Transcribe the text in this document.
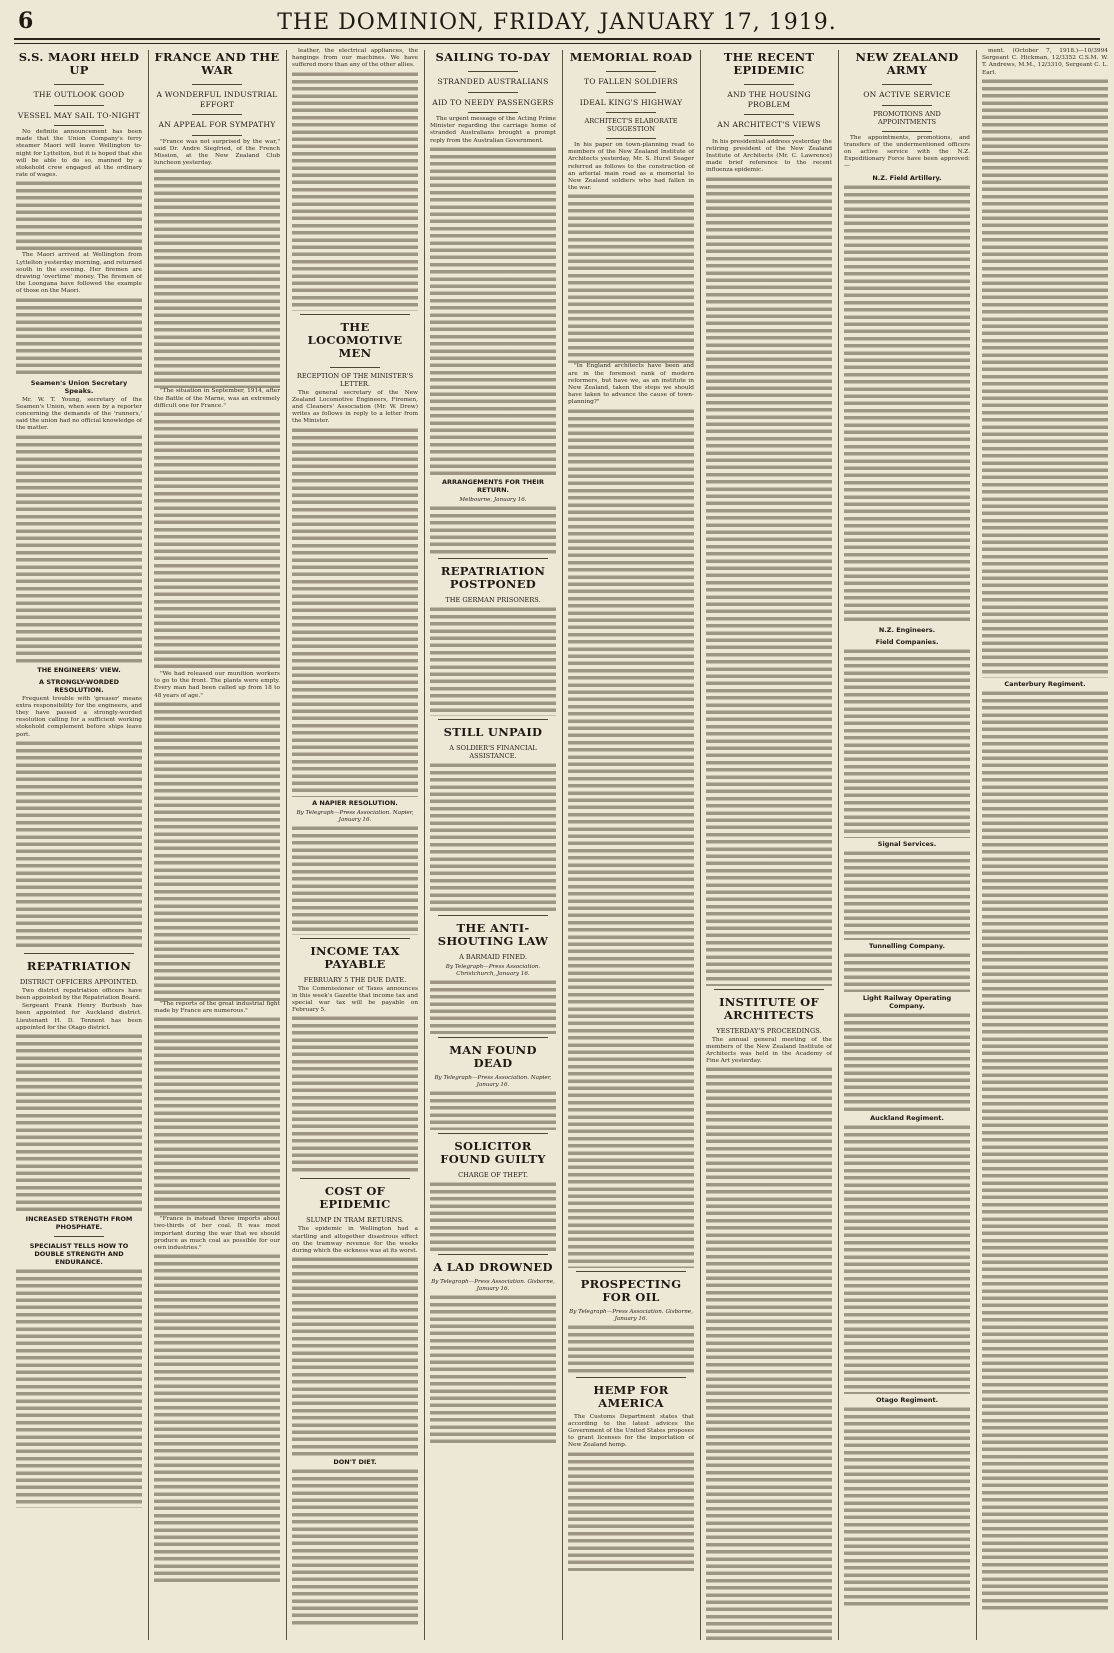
6	THE DOMINION, FRIDAY, JANUARY 17, 1919.
S.S. MAORI HELD UP
THE OUTLOOK GOOD
VESSEL MAY SAIL TO-NIGHT

No definite announcement has been made that the Union Company's ferry steamer Maori will leave Wellington to-night for Lyttelton, but it is hoped that she will be able to do so, manned by a stokehold crew engaged at the ordinary rate of wages.

The Maori arrived at Wellington from Lyttelton yesterday morning, and returned south in the evening. Her firemen are drawing 'overtime' money. The firemen of the Loongana have followed the example of those on the Maori.

Seamen's Union Secretary Speaks.

Mr. W. T. Young, secretary of the Seamen's Union, when seen by a reporter concerning the demands of the 'runners,' said the union had no official knowledge of the matter.

THE ENGINEERS' VIEW.
A STRONGLY-WORDED RESOLUTION.

Frequent trouble with 'greaser' means extra responsibility for the engineers, and they have passed a strongly-worded resolution calling for a sufficient working stokehold complement before ships leave port.

REPATRIATION
DISTRICT OFFICERS APPOINTED.

Two district repatriation officers have been appointed by the Repatriation Board.

Sergeant Frank Henry Burbush has been appointed for Auckland district. Lieutenant H. D. Tennent has been appointed for the Otago district.

INCREASED STRENGTH FROM PHOSPHATE.
SPECIALIST TELLS HOW TO DOUBLE STRENGTH AND ENDURANCE.
FRANCE AND THE WAR
A WONDERFUL INDUSTRIAL EFFORT
AN APPEAL FOR SYMPATHY

"France was not surprised by the war," said Dr. Andre Siegfried, of the French Mission, at the New Zealand Club luncheon yesterday.

"The situation in September, 1914, after the Battle of the Marne, was an extremely difficult one for France."

"We had released our munition workers to go to the front. The plants were empty. Every man had been called up from 18 to 48 years of age."

"The reports of the great industrial fight made by France are numerous."

"France is instead three imports about two-thirds of her coal. It was most important during the war that we should produce as much coal as possible for our own industries."

leather, the electrical appliances, the hangings from our machines. We have suffered more than any of the other allies.

THE LOCOMOTIVE MEN
RECEPTION OF THE MINISTER'S LETTER.

The general secretary of the New Zealand Locomotive Engineers, Firemen, and Cleaners' Association (Mr. W. Drew) writes as follows in reply to a letter from the Minister.

A NAPIER RESOLUTION.
By Telegraph—Press Association. Napier, January 16.
INCOME TAX PAYABLE
FEBRUARY 5 THE DUE DATE.

The Commissioner of Taxes announces in this week's Gazette that income tax and special war tax will be payable on February 5.

COST OF EPIDEMIC
SLUMP IN TRAM RETURNS.

The epidemic in Wellington had a startling and altogether disastrous effect on the tramway revenue for the weeks during which the sickness was at its worst.

DON'T DIET.
SAILING TO-DAY
STRANDED AUSTRALIANS
AID TO NEEDY PASSENGERS

The urgent message of the Acting Prime Minister regarding the carriage home of stranded Australians brought a prompt reply from the Australian Government.

ARRANGEMENTS FOR THEIR RETURN.
Melbourne, January 16.
REPATRIATION POSTPONED
THE GERMAN PRISONERS.
STILL UNPAID
A SOLDIER'S FINANCIAL ASSISTANCE.
THE ANTI-SHOUTING LAW
A BARMAID FINED.
By Telegraph—Press Association. Christchurch, January 16.
MAN FOUND DEAD
By Telegraph—Press Association. Napier, January 16.
SOLICITOR FOUND GUILTY
CHARGE OF THEFT.
A LAD DROWNED
By Telegraph—Press Association. Gisborne, January 16.
MEMORIAL ROAD
TO FALLEN SOLDIERS
IDEAL KING'S HIGHWAY
ARCHITECT'S ELABORATE SUGGESTION

In his paper on town-planning read to members of the New Zealand Institute of Architects yesterday, Mr. S. Hurst Seager referred as follows to the construction of an arterial main road as a memorial to New Zealand soldiers who had fallen in the war.

"In England architects have been and are in the foremost rank of modern reformers, but have we, as an institute in New Zealand, taken the steps we should have taken to advance the cause of town-planning?"

PROSPECTING FOR OIL
By Telegraph—Press Association. Gisborne, January 16.
HEMP FOR AMERICA

The Customs Department states that according to the latest advices the Government of the United States proposes to grant licenses for the importation of New Zealand hemp.

THE RECENT EPIDEMIC
AND THE HOUSING PROBLEM
AN ARCHITECT'S VIEWS

In his presidential address yesterday the retiring president of the New Zealand Institute of Architects (Mr. C. Lawrence) made brief reference to the recent influenza epidemic.

INSTITUTE OF ARCHITECTS
YESTERDAY'S PROCEEDINGS.

The annual general meeting of the members of the New Zealand Institute of Architects was held in the Academy of Fine Art yesterday.

NEW ZEALAND ARMY
ON ACTIVE SERVICE
PROMOTIONS AND APPOINTMENTS

The appointments, promotions, and transfers of the undermentioned officers on active service with the N.Z. Expeditionary Force have been approved:—

N.Z. Field Artillery.
N.Z. Engineers.
Field Companies.
Signal Services.
Tunnelling Company.
Light Railway Operating Company.
Auckland Regiment.
Otago Regiment.

ment. (October 7, 1918.)—10/3994 Sergeant C. Hickman, 12/3352 C.S.M. W. T. Andrews, M.M., 12/3310, Sergeant C. L. Earl.

Canterbury Regiment.
